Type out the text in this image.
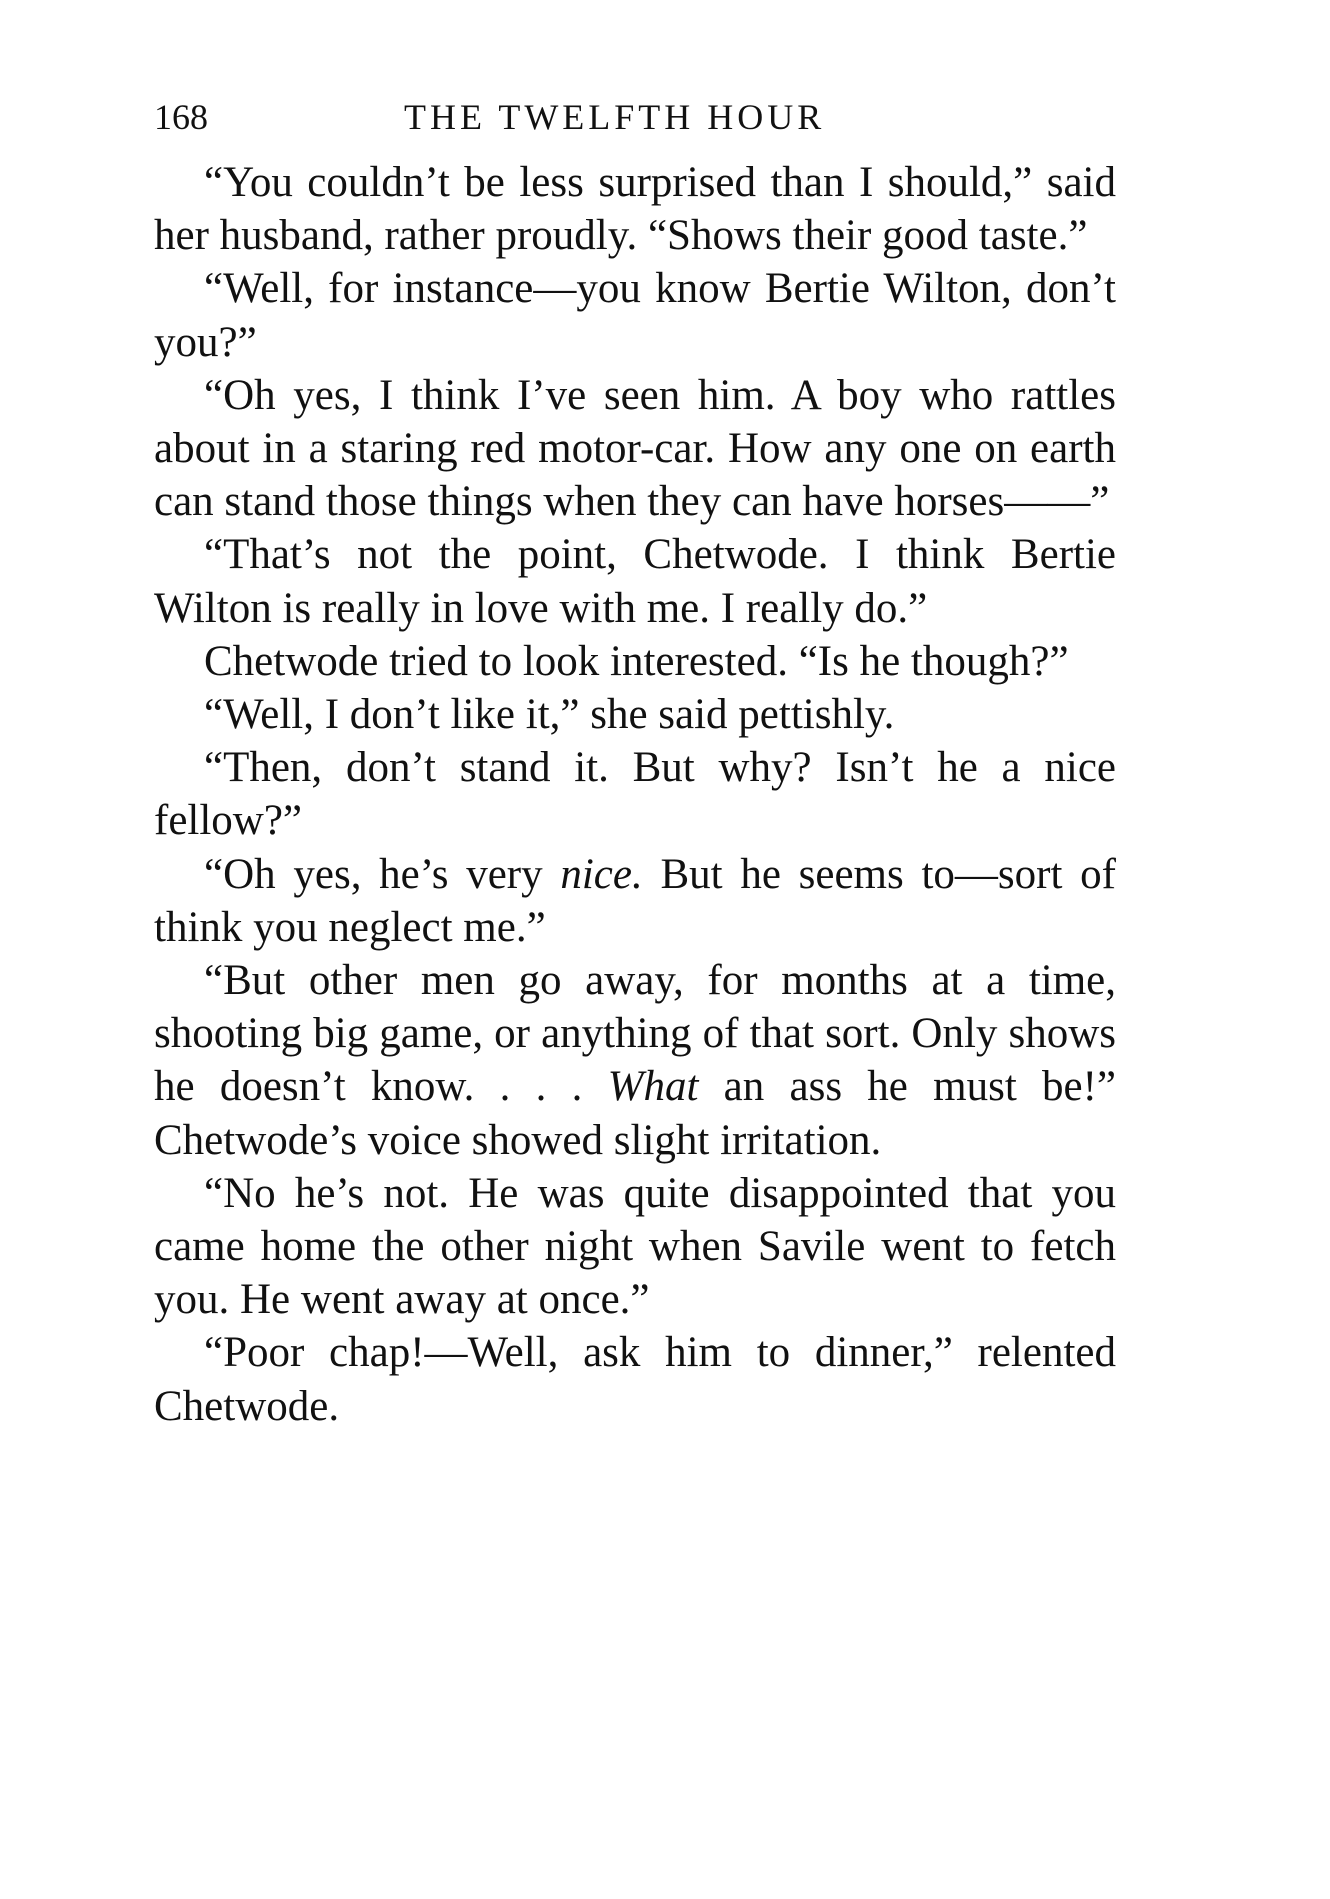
168	THE TWELFTH HOUR

“You couldn’t be less surprised than I should,” said her husband, rather proudly. “Shows their good taste.”

“Well, for instance—you know Bertie Wilton, don’t you?”

“Oh yes, I think I’ve seen him. A boy who rattles about in a staring red motor-car. How any one on earth can stand those things when they can have horses——”

“That’s not the point, Chetwode. I think Bertie Wilton is really in love with me. I really do.”

Chetwode tried to look interested. “Is he though?”

“Well, I don’t like it,” she said pettishly.

“Then, don’t stand it. But why? Isn’t he a nice fellow?”

“Oh yes, he’s very nice. But he seems to—sort of think you neglect me.”

“But other men go away, for months at a time, shooting big game, or anything of that sort. Only shows he doesn’t know. . . . What an ass he must be!” Chetwode’s voice showed slight irritation.

“No he’s not. He was quite disappointed that you came home the other night when Savile went to fetch you. He went away at once.”

“Poor chap!—Well, ask him to dinner,” relented Chetwode.
